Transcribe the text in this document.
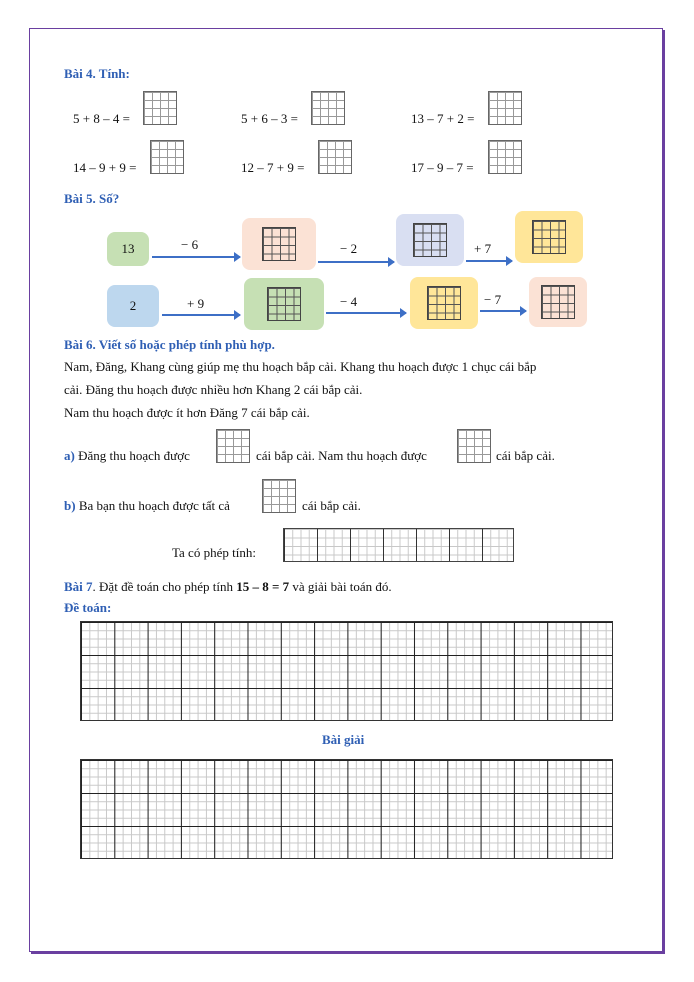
Bài 4. Tính:
5 + 8 – 4 =	5 + 6 – 3 =	13 – 7 + 2 =
14 – 9 + 9 =	12 – 7 + 9 =	17 – 9 – 7 =
Bài 5. Số?
13	− 6	− 2	+ 7
2	+ 9	− 4	− 7
Bài 6. Viết số hoặc phép tính phù hợp.
Nam, Đăng, Khang cùng giúp mẹ thu hoạch bắp cải. Khang thu hoạch được 1 chục cái bắp
cải. Đăng thu hoạch được nhiều hơn Khang 2 cái bắp cải.
Nam thu hoạch được ít hơn Đăng 7 cái bắp cải.
a) Đăng thu hoạch được	cái bắp cải. Nam thu hoạch được	cái bắp cải.
b) Ba bạn thu hoạch được tất cả	cái bắp cải.
Ta có phép tính:
Bài 7. Đặt đề toán cho phép tính 15 – 8 = 7 và giải bài toán đó.
Đề toán:
Bài giải
